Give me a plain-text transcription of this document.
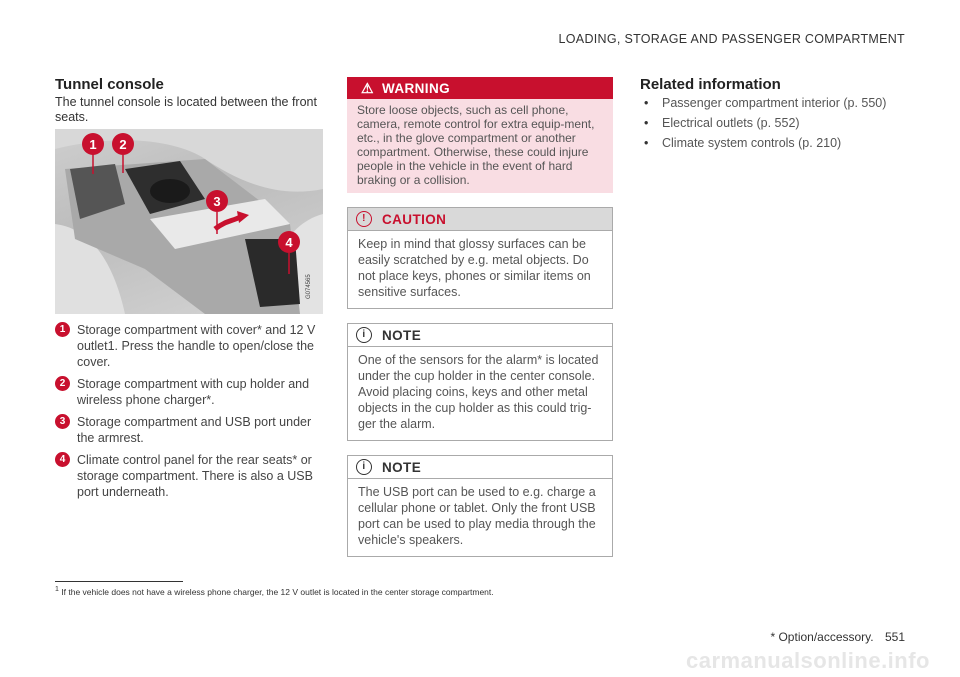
LOADING, STORAGE AND PASSENGER COMPARTMENT
Tunnel console
The tunnel console is located between the front seats.
1 2
3
4
G074565
1 Storage compartment with cover* and 12 V outlet1. Press the handle to open/close the cover.
2 Storage compartment with cup holder and wireless phone charger*.
3 Storage compartment and USB port under the armrest.
4 Climate control panel for the rear seats* or storage compartment. There is also a USB port underneath.
⚠ WARNING
Store loose objects, such as cell phone, camera, remote control for extra equip-ment, etc., in the glove compartment or another compartment. Otherwise, these could injure people in the vehicle in the event of hard braking or a collision.
!	CAUTION
Keep in mind that glossy surfaces can be easily scratched by e.g. metal objects. Do not place keys, phones or similar items on sensitive surfaces.
i	NOTE
One of the sensors for the alarm* is located under the cup holder in the center console. Avoid placing coins, keys and other metal objects in the cup holder as this could trig-ger the alarm.
i	NOTE
The USB port can be used to e.g. charge a cellular phone or tablet. Only the front USB port can be used to play media through the vehicle's speakers.
Related information
• Passenger compartment interior (p. 550)
• Electrical outlets (p. 552)
• Climate system controls (p. 210)
$^1$ If the vehicle does not have a wireless phone charger, the 12 V outlet is located in the center storage compartment.
* Option/accessory. 551
carmanualsonline.info
